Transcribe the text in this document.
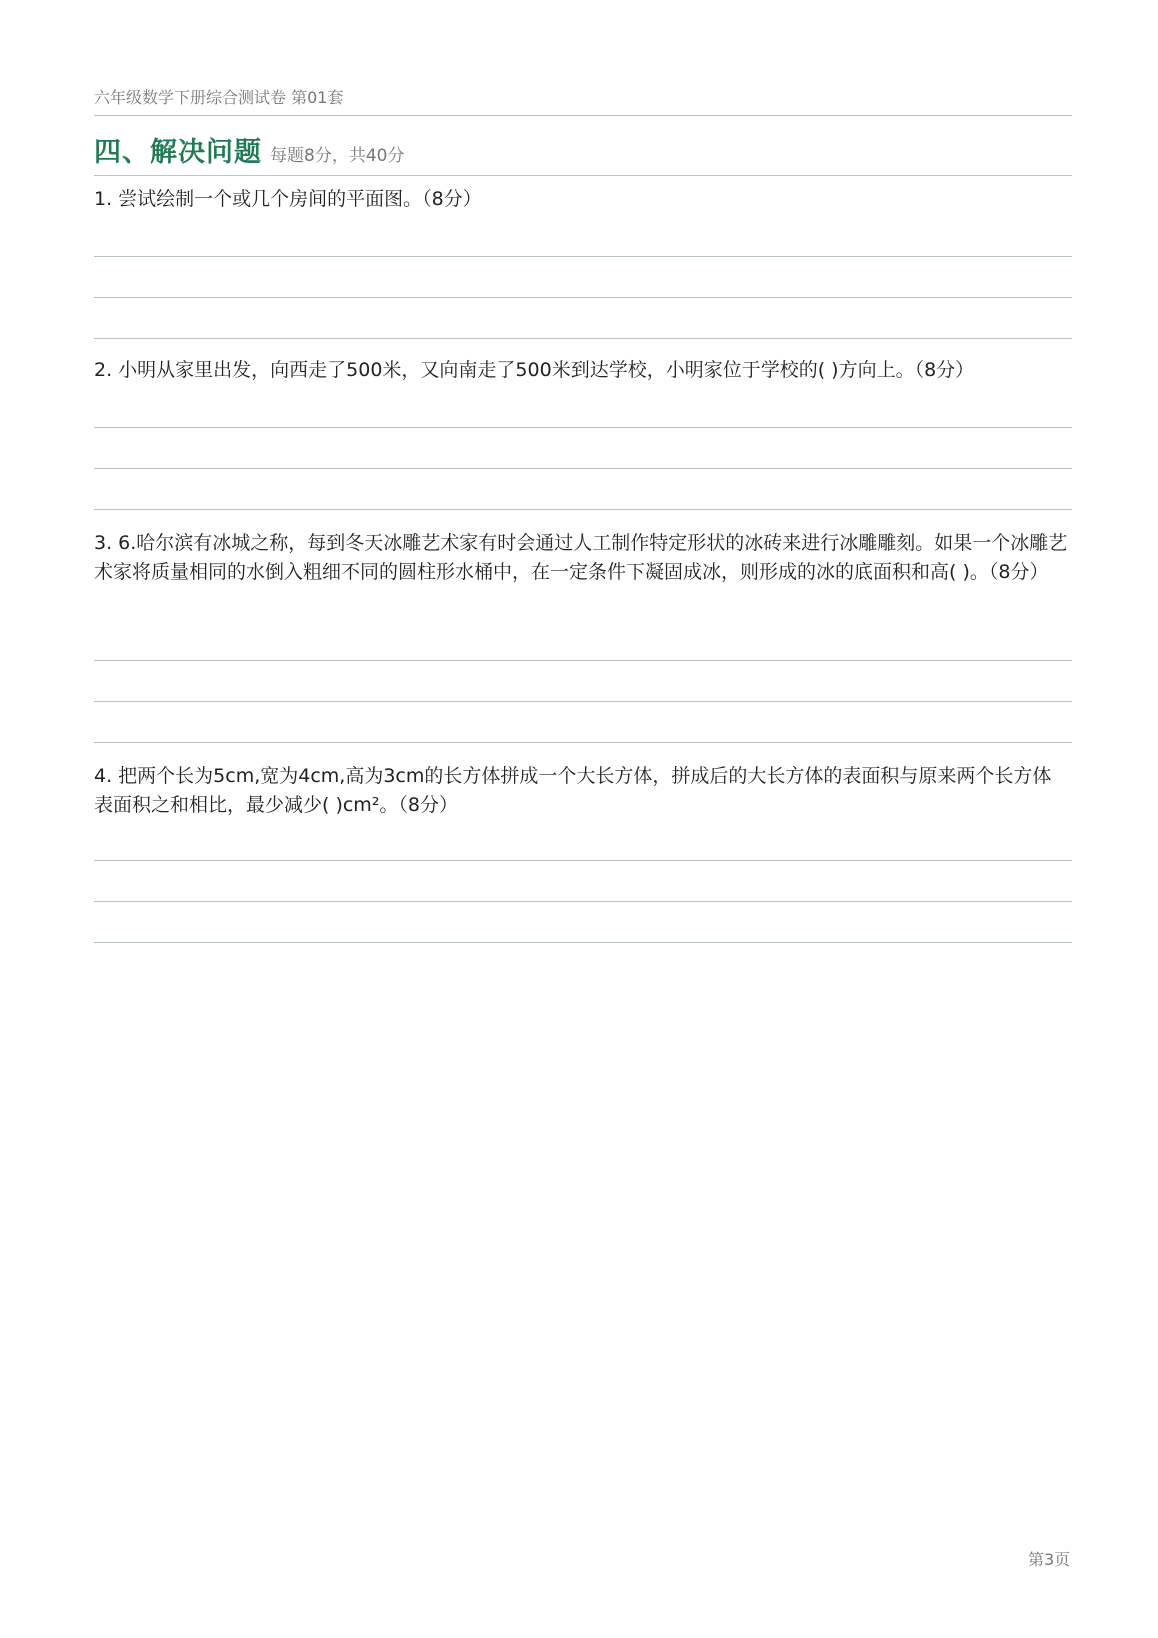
六年级数学下册综合测试卷 第01套
四、解决问题 每题8分，共40分
1. 尝试绘制一个或几个房间的平面图。（8分）
2. 小明从家里出发，向西走了500米，又向南走了500米到达学校，小明家位于学校的( )方向上。（8分）
3. 6.哈尔滨有冰城之称，每到冬天冰雕艺术家有时会通过人工制作特定形状的冰砖来进行冰雕雕刻。如果一个冰雕艺术家将质量相同的水倒入粗细不同的圆柱形水桶中，在一定条件下凝固成冰，则形成的冰的底面积和高( )。（8分）
4. 把两个长为5cm,宽为4cm,高为3cm的长方体拼成一个大长方体，拼成后的大长方体的表面积与原来两个长方体表面积之和相比，最少减少( )cm²。（8分）
第3页
